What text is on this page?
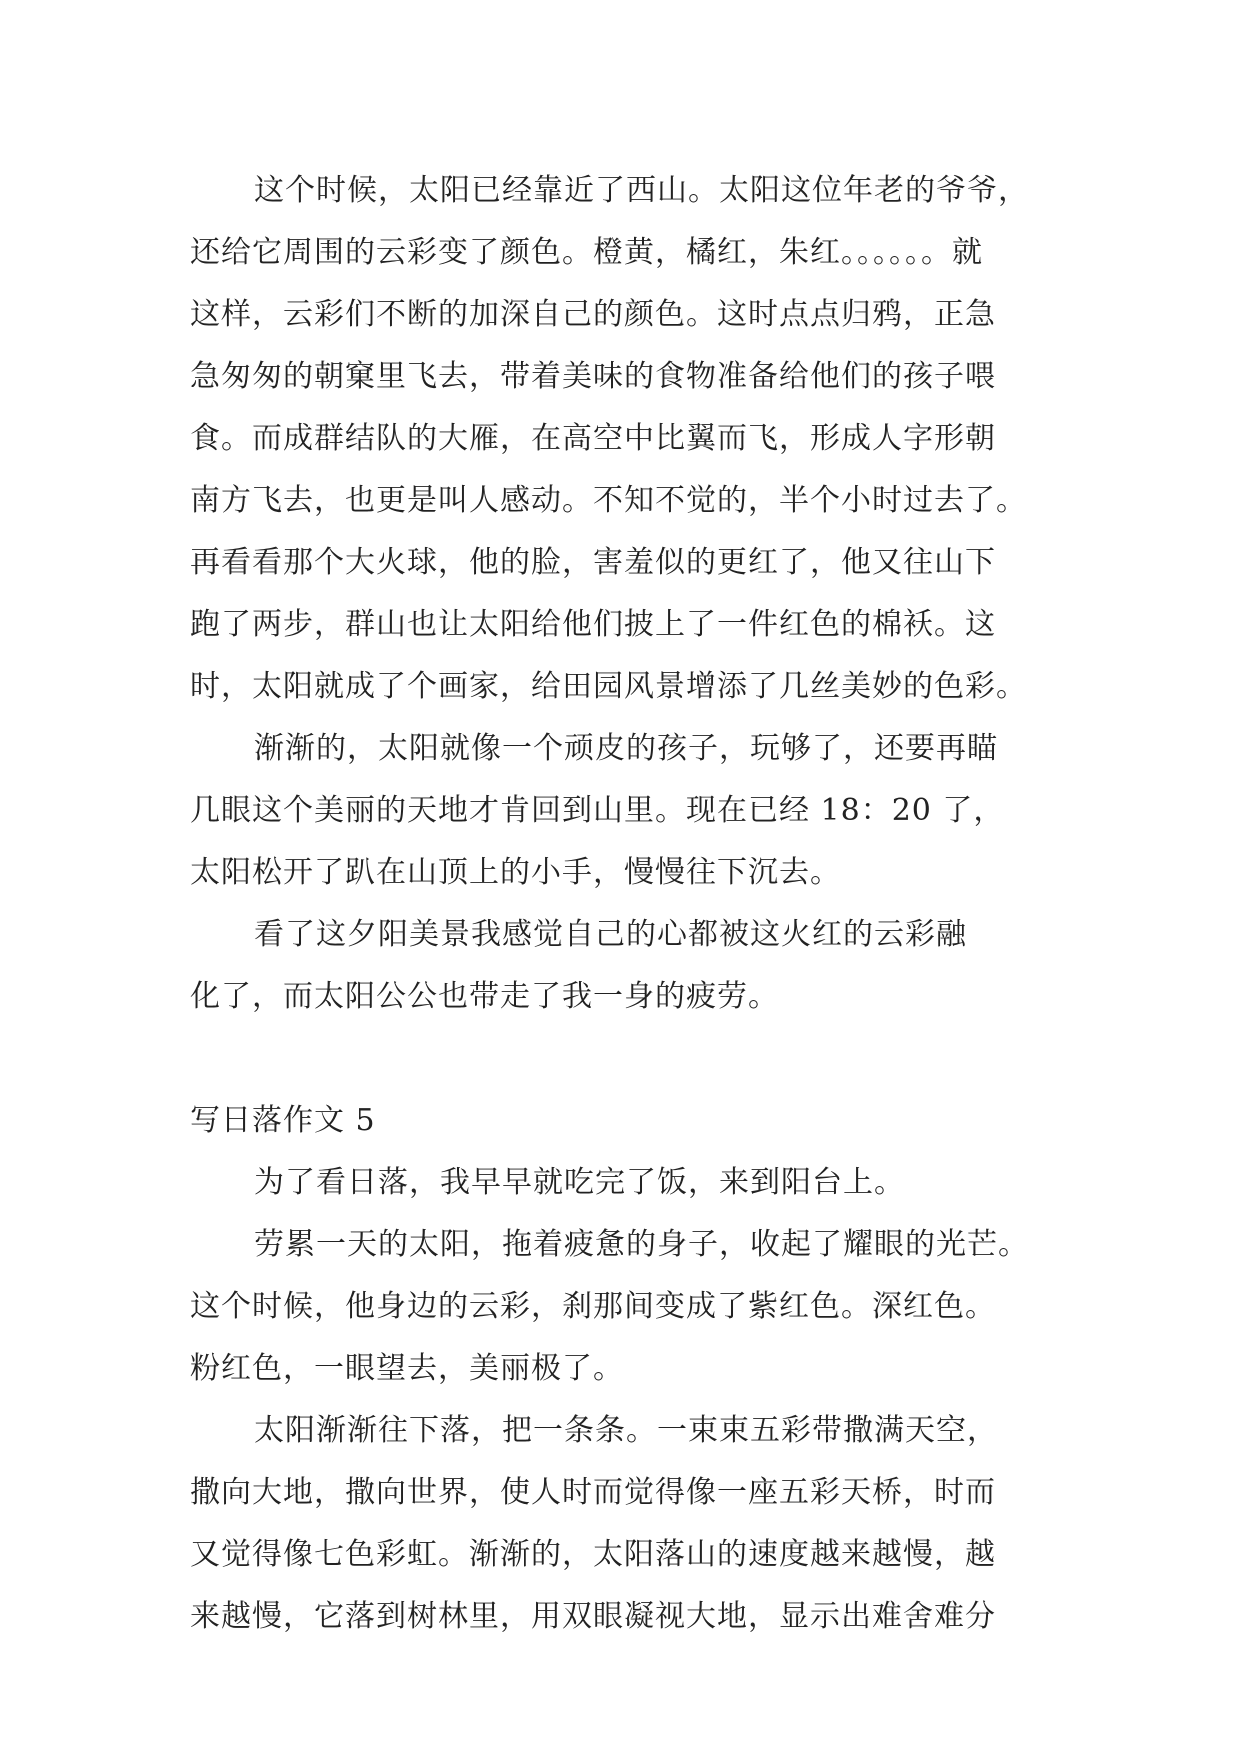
这个时候，太阳已经靠近了西山。太阳这位年老的爷爷，
还给它周围的云彩变了颜色。橙黄，橘红，朱红。。。。。。就
这样，云彩们不断的加深自己的颜色。这时点点归鸦，正急
急匆匆的朝窠里飞去，带着美味的食物准备给他们的孩子喂
食。而成群结队的大雁，在高空中比翼而飞，形成人字形朝
南方飞去，也更是叫人感动。不知不觉的，半个小时过去了。
再看看那个大火球，他的脸，害羞似的更红了，他又往山下
跑了两步，群山也让太阳给他们披上了一件红色的棉袄。这
时，太阳就成了个画家，给田园风景增添了几丝美妙的色彩。
渐渐的，太阳就像一个顽皮的孩子，玩够了，还要再瞄
几眼这个美丽的天地才肯回到山里。现在已经 18：20 了，
太阳松开了趴在山顶上的小手，慢慢往下沉去。
看了这夕阳美景我感觉自己的心都被这火红的云彩融
化了，而太阳公公也带走了我一身的疲劳。
写日落作文 5
为了看日落，我早早就吃完了饭，来到阳台上。
劳累一天的太阳，拖着疲惫的身子，收起了耀眼的光芒。
这个时候，他身边的云彩，刹那间变成了紫红色。深红色。
粉红色，一眼望去，美丽极了。
太阳渐渐往下落，把一条条。一束束五彩带撒满天空，
撒向大地，撒向世界，使人时而觉得像一座五彩天桥，时而
又觉得像七色彩虹。渐渐的，太阳落山的速度越来越慢，越
来越慢，它落到树林里，用双眼凝视大地，显示出难舍难分
